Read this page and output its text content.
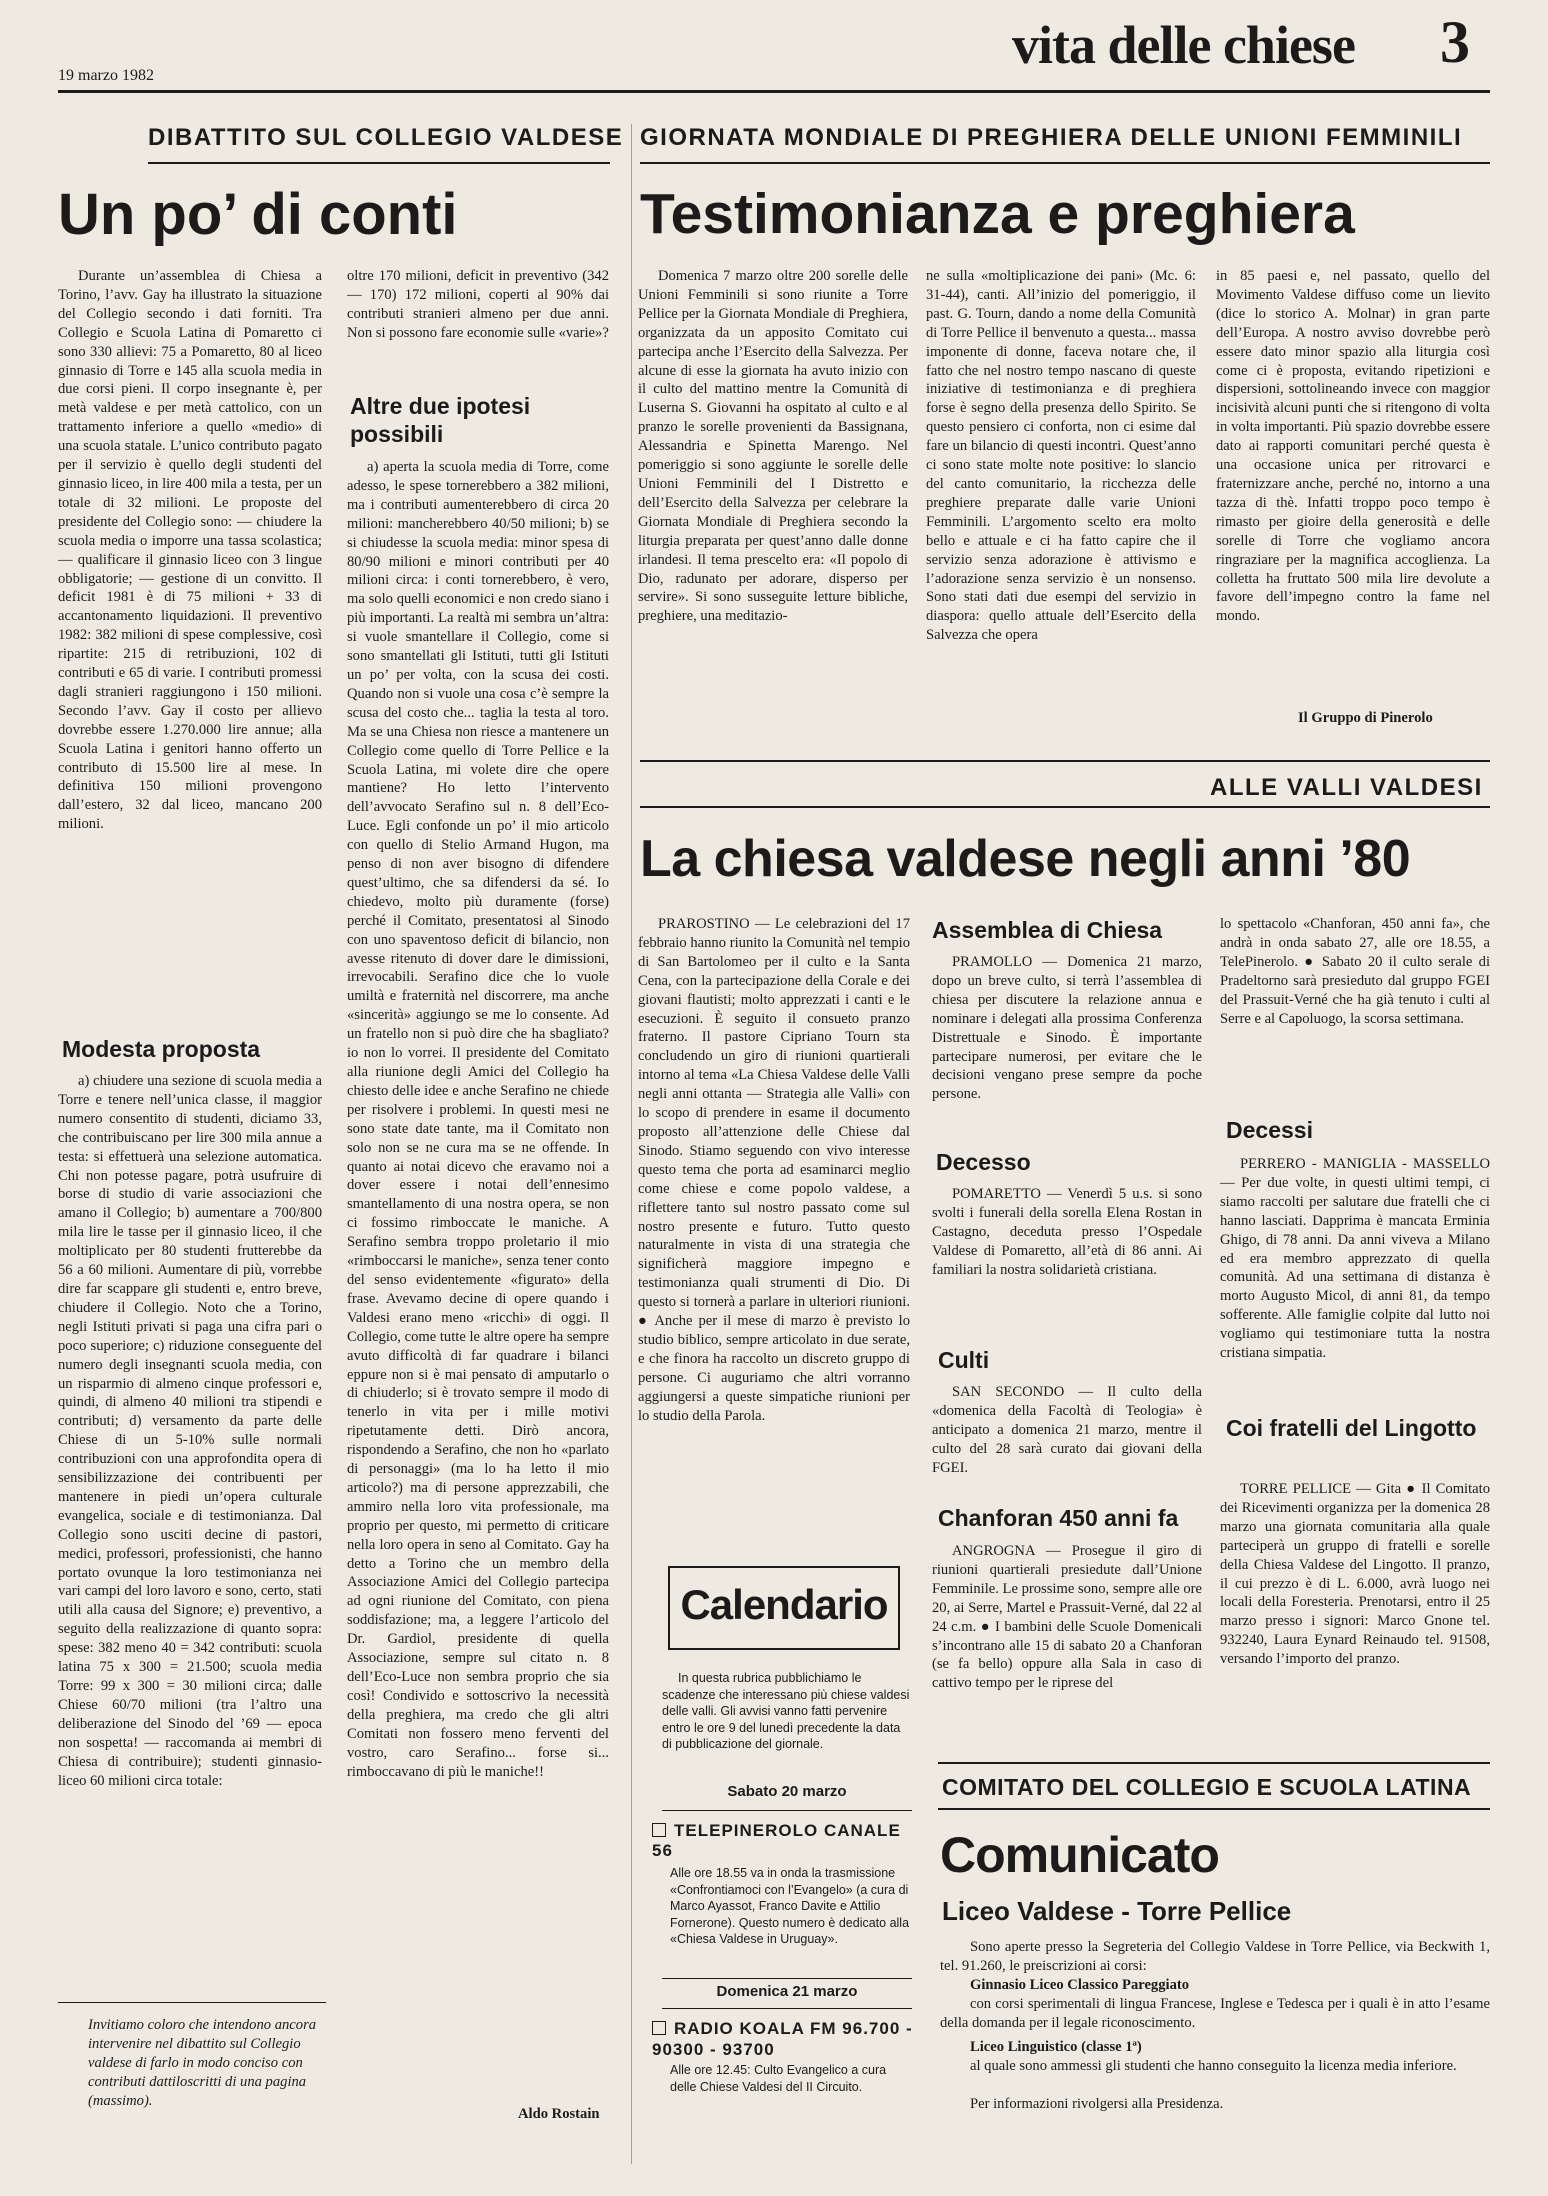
19 marzo 1982
vita delle chiese 3
DIBATTITO SUL COLLEGIO VALDESE
Un po’ di conti
Durante un’assemblea di Chiesa a Torino, l’avv. Gay ha illustrato la situazione del Collegio secondo i dati forniti. Tra Collegio e Scuola Latina di Pomaretto ci sono 330 allievi: 75 a Pomaretto, 80 al liceo ginnasio di Torre e 145 alla scuola media in due corsi pieni. Il corpo insegnante è, per metà valdese e per metà cattolico, con un trattamento inferiore a quello «medio» di una scuola statale. L’unico contributo pagato per il servizio è quello degli studenti del ginnasio liceo, in lire 400 mila a testa, per un totale di 32 milioni. Le proposte del presidente del Collegio sono: — chiudere la scuola media o imporre una tassa scolastica; — qualificare il ginnasio liceo con 3 lingue obbligatorie; — gestione di un convitto. Il deficit 1981 è di 75 milioni + 33 di accantonamento liquidazioni. Il preventivo 1982: 382 milioni di spese complessive, così ripartite: 215 di retribuzioni, 102 di contributi e 65 di varie. I contributi promessi dagli stranieri raggiungono i 150 milioni. Secondo l’avv. Gay il costo per allievo dovrebbe essere 1.270.000 lire annue; alla Scuola Latina i genitori hanno offerto un contributo di 15.500 lire al mese. In definitiva 150 milioni provengono dall’estero, 32 dal liceo, mancano 200 milioni.
Modesta proposta
a) chiudere una sezione di scuola media a Torre e tenere nell’unica classe, il maggior numero consentito di studenti, diciamo 33, che contribuiscano per lire 300 mila annue a testa: si effettuerà una selezione automatica. Chi non potesse pagare, potrà usufruire di borse di studio di varie associazioni che amano il Collegio; b) aumentare a 700/800 mila lire le tasse per il ginnasio liceo, il che moltiplicato per 80 studenti frutterebbe da 56 a 60 milioni. Aumentare di più, vorrebbe dire far scappare gli studenti e, entro breve, chiudere il Collegio. Noto che a Torino, negli Istituti privati si paga una cifra pari o poco superiore; c) riduzione conseguente del numero degli insegnanti scuola media, con un risparmio di almeno cinque professori e, quindi, di almeno 40 milioni tra stipendi e contributi; d) versamento da parte delle Chiese di un 5-10% sulle normali contribuzioni con una approfondita opera di sensibilizzazione dei contribuenti per mantenere in piedi un’opera culturale evangelica, sociale e di testimonianza. Dal Collegio sono usciti decine di pastori, medici, professori, professionisti, che hanno portato ovunque la loro testimonianza nei vari campi del loro lavoro e sono, certo, stati utili alla causa del Signore; e) preventivo, a seguito della realizzazione di quanto sopra: spese: 382 meno 40 = 342 contributi: scuola latina 75 x 300 = 21.500; scuola media Torre: 99 x 300 = 30 milioni circa; dalle Chiese 60/70 milioni (tra l’altro una deliberazione del Sinodo del ’69 — epoca non sospetta! — raccomanda ai membri di Chiesa di contribuire); studenti ginnasio-liceo 60 milioni circa totale:
Invitiamo coloro che intendono ancora intervenire nel dibattito sul Collegio valdese di farlo in modo conciso con contributi dattiloscritti di una pagina (massimo).
oltre 170 milioni, deficit in preventivo (342 — 170) 172 milioni, coperti al 90% dai contributi stranieri almeno per due anni. Non si possono fare economie sulle «varie»?
Altre due ipotesi possibili
a) aperta la scuola media di Torre, come adesso, le spese tornerebbero a 382 milioni, ma i contributi aumenterebbero di circa 20 milioni: mancherebbero 40/50 milioni; b) se si chiudesse la scuola media: minor spesa di 80/90 milioni e minori contributi per 40 milioni circa: i conti tornerebbero, è vero, ma solo quelli economici e non credo siano i più importanti. La realtà mi sembra un’altra: si vuole smantellare il Collegio, come si sono smantellati gli Istituti, tutti gli Istituti un po’ per volta, con la scusa dei costi. Quando non si vuole una cosa c’è sempre la scusa del costo che... taglia la testa al toro. Ma se una Chiesa non riesce a mantenere un Collegio come quello di Torre Pellice e la Scuola Latina, mi volete dire che opere mantiene? Ho letto l’intervento dell’avvocato Serafino sul n. 8 dell’Eco-Luce. Egli confonde un po’ il mio articolo con quello di Stelio Armand Hugon, ma penso di non aver bisogno di difendere quest’ultimo, che sa difendersi da sé. Io chiedevo, molto più duramente (forse) perché il Comitato, presentatosi al Sinodo con uno spaventoso deficit di bilancio, non avesse ritenuto di dover dare le dimissioni, irrevocabili. Serafino dice che lo vuole umiltà e fraternità nel discorrere, ma anche «sincerità» aggiungo se me lo consente. Ad un fratello non si può dire che ha sbagliato? io non lo vorrei. Il presidente del Comitato alla riunione degli Amici del Collegio ha chiesto delle idee e anche Serafino ne chiede per risolvere i problemi. In questi mesi ne sono state date tante, ma il Comitato non solo non se ne cura ma se ne offende. In quanto ai notai dicevo che eravamo noi a dover essere i notai dell’ennesimo smantellamento di una nostra opera, se non ci fossimo rimboccate le maniche. A Serafino sembra troppo proletario il mio «rimboccarsi le maniche», senza tener conto del senso evidentemente «figurato» della frase. Avevamo decine di opere quando i Valdesi erano meno «ricchi» di oggi. Il Collegio, come tutte le altre opere ha sempre avuto difficoltà di far quadrare i bilanci eppure non si è mai pensato di amputarlo o di chiuderlo; si è trovato sempre il modo di tenerlo in vita per i mille motivi ripetutamente detti. Dirò ancora, rispondendo a Serafino, che non ho «parlato di personaggi» (ma lo ha letto il mio articolo?) ma di persone apprezzabili, che ammiro nella loro vita professionale, ma proprio per questo, mi permetto di criticare nella loro opera in seno al Comitato. Gay ha detto a Torino che un membro della Associazione Amici del Collegio partecipa ad ogni riunione del Comitato, con piena soddisfazione; ma, a leggere l’articolo del Dr. Gardiol, presidente di quella Associazione, sempre sul citato n. 8 dell’Eco-Luce non sembra proprio che sia così! Condivido e sottoscrivo la necessità della preghiera, ma credo che gli altri Comitati non fossero meno ferventi del vostro, caro Serafino... forse si... rimboccavano di più le maniche!!
Aldo Rostain
GIORNATA MONDIALE DI PREGHIERA DELLE UNIONI FEMMINILI
Testimonianza e preghiera
Domenica 7 marzo oltre 200 sorelle delle Unioni Femminili si sono riunite a Torre Pellice per la Giornata Mondiale di Preghiera, organizzata da un apposito Comitato cui partecipa anche l’Esercito della Salvezza. Per alcune di esse la giornata ha avuto inizio con il culto del mattino mentre la Comunità di Luserna S. Giovanni ha ospitato al culto e al pranzo le sorelle provenienti da Bassignana, Alessandria e Spinetta Marengo. Nel pomeriggio si sono aggiunte le sorelle delle Unioni Femminili del I Distretto e dell’Esercito della Salvezza per celebrare la Giornata Mondiale di Preghiera secondo la liturgia preparata per quest’anno dalle donne irlandesi. Il tema prescelto era: «Il popolo di Dio, radunato per adorare, disperso per servire». Si sono susseguite letture bibliche, preghiere, una meditazio-
ne sulla «moltiplicazione dei pani» (Mc. 6: 31-44), canti. All’inizio del pomeriggio, il past. G. Tourn, dando a nome della Comunità di Torre Pellice il benvenuto a questa... massa imponente di donne, faceva notare che, il fatto che nel nostro tempo nascano di queste iniziative di testimonianza e di preghiera forse è segno della presenza dello Spirito. Se questo pensiero ci conforta, non ci esime dal fare un bilancio di questi incontri. Quest’anno ci sono state molte note positive: lo slancio del canto comunitario, la ricchezza delle preghiere preparate dalle varie Unioni Femminili. L’argomento scelto era molto bello e attuale e ci ha fatto capire che il servizio senza adorazione è attivismo e l’adorazione senza servizio è un nonsenso. Sono stati dati due esempi del servizio in diaspora: quello attuale dell’Esercito della Salvezza che opera
in 85 paesi e, nel passato, quello del Movimento Valdese diffuso come un lievito (dice lo storico A. Molnar) in gran parte dell’Europa. A nostro avviso dovrebbe però essere dato minor spazio alla liturgia così come ci è proposta, evitando ripetizioni e dispersioni, sottolineando invece con maggior incisività alcuni punti che si ritengono di volta in volta importanti. Più spazio dovrebbe essere dato ai rapporti comunitari perché questa è una occasione unica per ritrovarci e fraternizzare anche, perché no, intorno a una tazza di thè. Infatti troppo poco tempo è rimasto per gioire della generosità e delle sorelle di Torre che vogliamo ancora ringraziare per la magnifica accoglienza. La colletta ha fruttato 500 mila lire devolute a favore dell’impegno contro la fame nel mondo.
Il Gruppo di Pinerolo
ALLE VALLI VALDESI
La chiesa valdese negli anni ’80
PRAROSTINO — Le celebrazioni del 17 febbraio hanno riunito la Comunità nel tempio di San Bartolomeo per il culto e la Santa Cena, con la partecipazione della Corale e dei giovani flautisti; molto apprezzati i canti e le esecuzioni. È seguito il consueto pranzo fraterno. Il pastore Cipriano Tourn sta concludendo un giro di riunioni quartierali intorno al tema «La Chiesa Valdese delle Valli negli anni ottanta — Strategia alle Valli» con lo scopo di prendere in esame il documento proposto all’attenzione delle Chiese dal Sinodo. Stiamo seguendo con vivo interesse questo tema che porta ad esaminarci meglio come chiese e come popolo valdese, a riflettere tanto sul nostro passato come sul nostro presente e futuro. Tutto questo naturalmente in vista di una strategia che significherà maggiore impegno e testimonianza quali strumenti di Dio. Di questo si tornerà a parlare in ulteriori riunioni. ● Anche per il mese di marzo è previsto lo studio biblico, sempre articolato in due serate, e che finora ha raccolto un discreto gruppo di persone. Ci auguriamo che altri vorranno aggiungersi a queste simpatiche riunioni per lo studio della Parola.
Assemblea di Chiesa
PRAMOLLO — Domenica 21 marzo, dopo un breve culto, si terrà l’assemblea di chiesa per discutere la relazione annua e nominare i delegati alla prossima Conferenza Distrettuale e Sinodo. È importante partecipare numerosi, per evitare che le decisioni vengano prese sempre da poche persone.
Decesso
POMARETTO — Venerdì 5 u.s. si sono svolti i funerali della sorella Elena Rostan in Castagno, deceduta presso l’Ospedale Valdese di Pomaretto, all’età di 86 anni. Ai familiari la nostra solidarietà cristiana.
Culti
SAN SECONDO — Il culto della «domenica della Facoltà di Teologia» è anticipato a domenica 21 marzo, mentre il culto del 28 sarà curato dai giovani della FGEI.
Chanforan 450 anni fa
ANGROGNA — Prosegue il giro di riunioni quartierali presiedute dall’Unione Femminile. Le prossime sono, sempre alle ore 20, ai Serre, Martel e Prassuit-Verné, dal 22 al 24 c.m. ● I bambini delle Scuole Domenicali s’incontrano alle 15 di sabato 20 a Chanforan (se fa bello) oppure alla Sala in caso di cattivo tempo per le riprese del
lo spettacolo «Chanforan, 450 anni fa», che andrà in onda sabato 27, alle ore 18.55, a TelePinerolo. ● Sabato 20 il culto serale di Pradeltorno sarà presieduto dal gruppo FGEI del Prassuit-Verné che ha già tenuto i culti al Serre e al Capoluogo, la scorsa settimana.
Decessi
PERRERO - MANIGLIA - MASSELLO — Per due volte, in questi ultimi tempi, ci siamo raccolti per salutare due fratelli che ci hanno lasciati. Dapprima è mancata Erminia Ghigo, di 78 anni. Da anni viveva a Milano ed era membro apprezzato di quella comunità. Ad una settimana di distanza è morto Augusto Micol, di anni 81, da tempo sofferente. Alle famiglie colpite dal lutto noi vogliamo qui testimoniare tutta la nostra cristiana simpatia.
Coi fratelli del Lingotto
TORRE PELLICE — Gita ● Il Comitato dei Ricevimenti organizza per la domenica 28 marzo una giornata comunitaria alla quale parteciperà un gruppo di fratelli e sorelle della Chiesa Valdese del Lingotto. Il pranzo, il cui prezzo è di L. 6.000, avrà luogo nei locali della Foresteria. Prenotarsi, entro il 25 marzo presso i signori: Marco Gnone tel. 932240, Laura Eynard Reinaudo tel. 91508, versando l’importo del pranzo.
Calendario
In questa rubrica pubblichiamo le scadenze che interessano più chiese valdesi delle valli. Gli avvisi vanno fatti pervenire entro le ore 9 del lunedì precedente la data di pubblicazione del giornale.
Sabato 20 marzo
TELEPINEROLO CANALE 56
Alle ore 18.55 va in onda la trasmissione «Confrontiamoci con l’Evangelo» (a cura di Marco Ayassot, Franco Davite e Attilio Fornerone). Questo numero è dedicato alla «Chiesa Valdese in Uruguay».
Domenica 21 marzo
RADIO KOALA FM 96.700 - 90300 - 93700
Alle ore 12.45: Culto Evangelico a cura delle Chiese Valdesi del II Circuito.
COMITATO DEL COLLEGIO E SCUOLA LATINA
Comunicato
Liceo Valdese - Torre Pellice
Sono aperte presso la Segreteria del Collegio Valdese in Torre Pellice, via Beckwith 1, tel. 91.260, le preiscrizioni ai corsi:
Ginnasio Liceo Classico Pareggiato
con corsi sperimentali di lingua Francese, Inglese e Tedesca per i quali è in atto l’esame della domanda per il legale riconoscimento.
Liceo Linguistico (classe 1ª)
al quale sono ammessi gli studenti che hanno conseguito la licenza media inferiore.
Per informazioni rivolgersi alla Presidenza.
